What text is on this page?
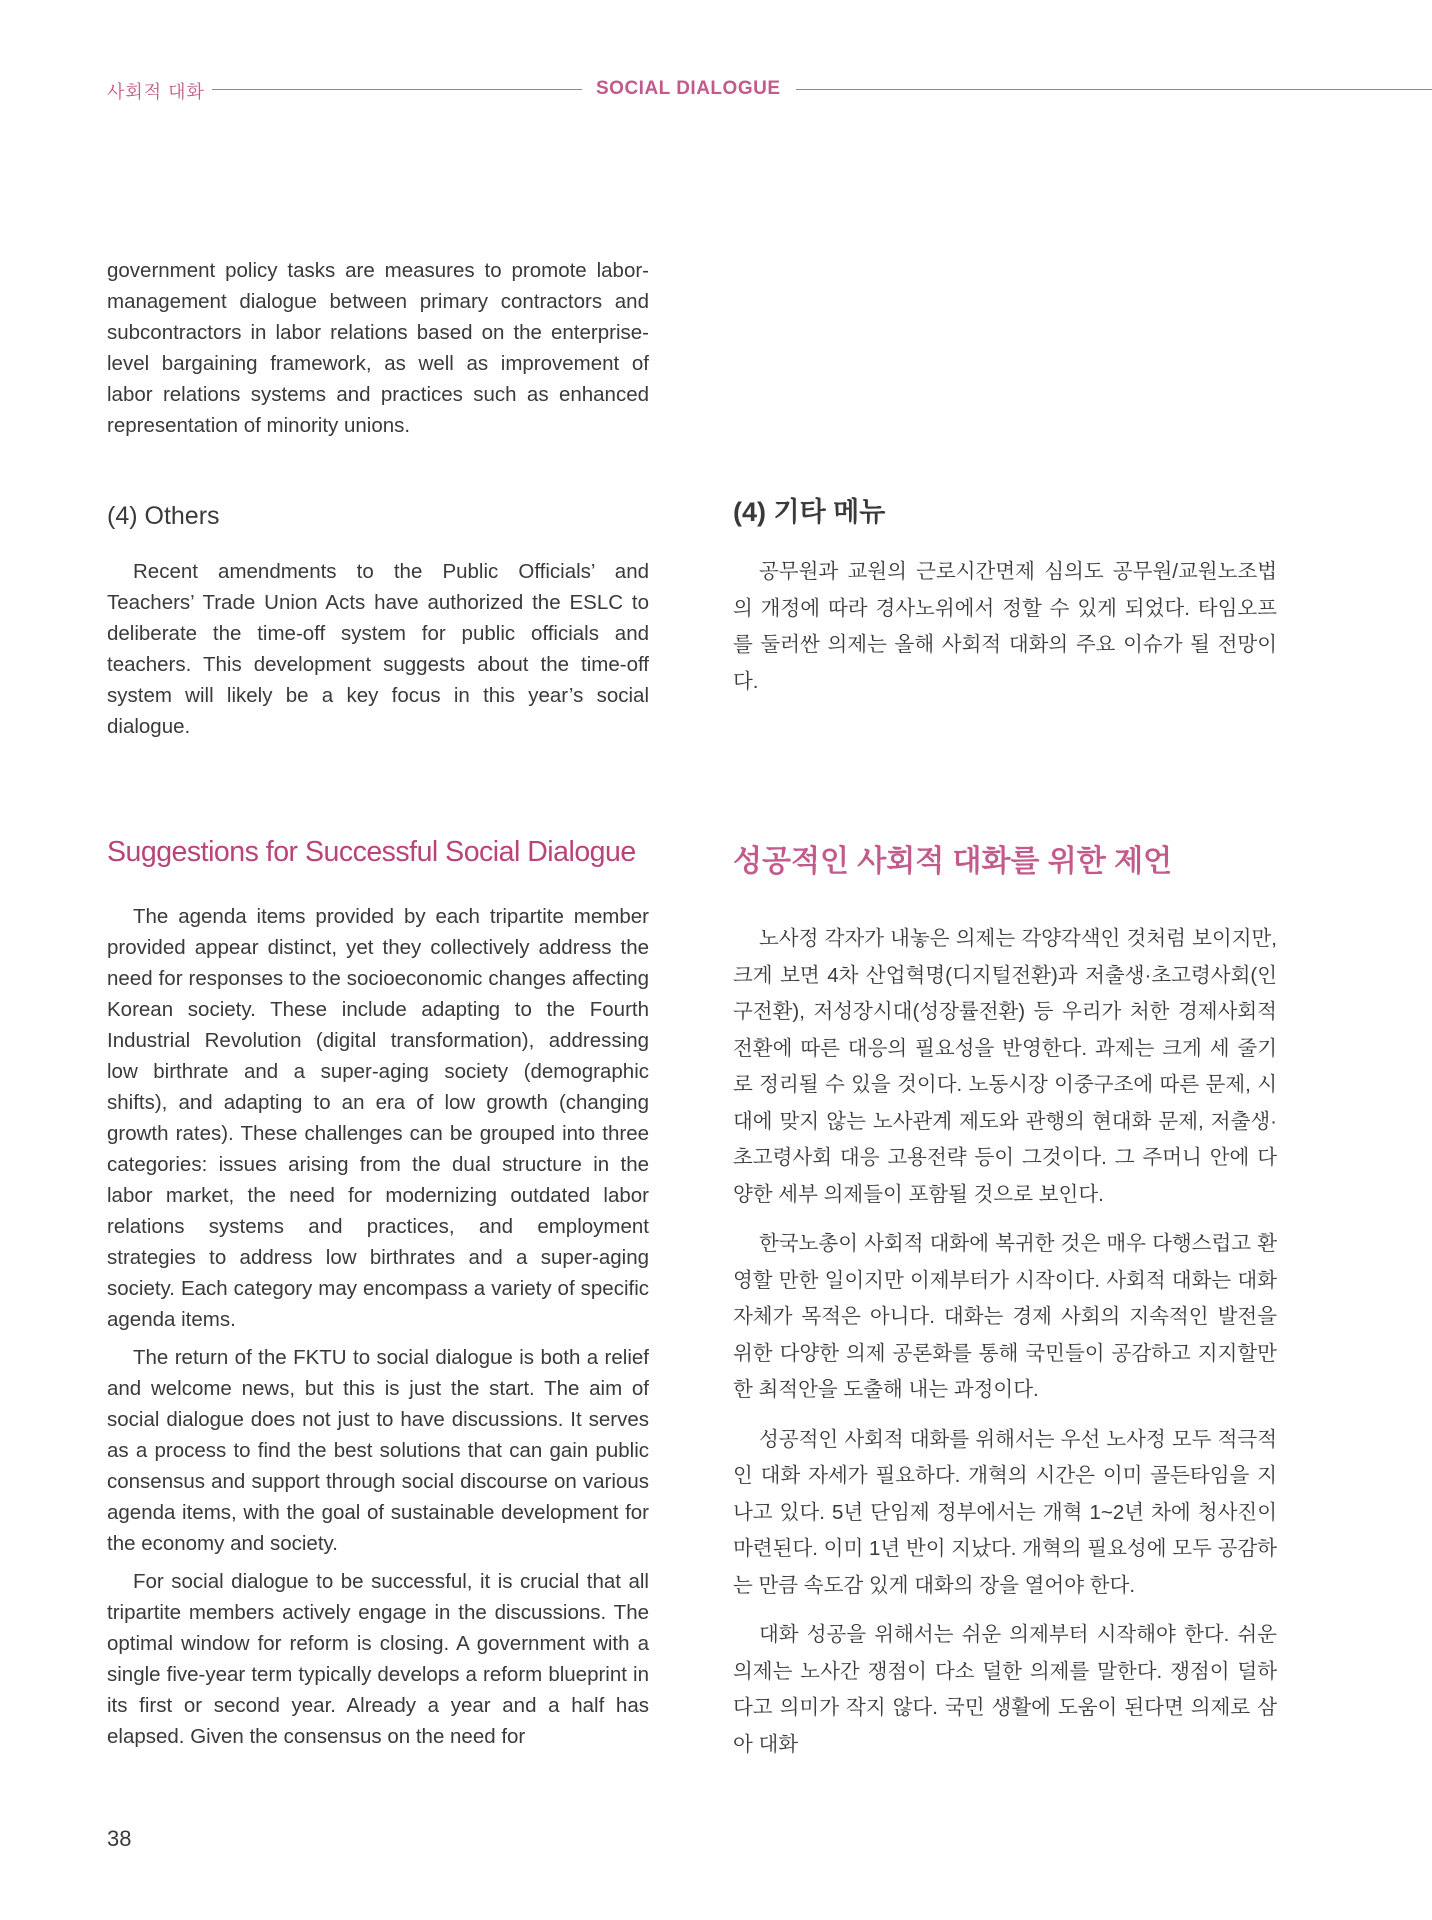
사회적 대화	SOCIAL DIALOGUE

government policy tasks are measures to promote labor-management dialogue between primary contractors and subcontractors in labor relations based on the enterprise-level bargaining framework, as well as improvement of labor relations systems and practices such as enhanced representation of minority unions.

(4) Others

Recent amendments to the Public Officials’ and Teachers’ Trade Union Acts have authorized the ESLC to deliberate the time-off system for public officials and teachers. This development suggests about the time-off system will likely be a key focus in this year’s social dialogue.

(4) 기타 메뉴

공무원과 교원의 근로시간면제 심의도 공무원/교원노조법의 개정에 따라 경사노위에서 정할 수 있게 되었다. 타임오프를 둘러싼 의제는 올해 사회적 대화의 주요 이슈가 될 전망이다.

Suggestions for Successful Social Dialogue

The agenda items provided by each tripartite member provided appear distinct, yet they collectively address the need for responses to the socioeconomic changes affecting Korean society. These include adapting to the Fourth Industrial Revolution (digital transformation), addressing low birthrate and a super-aging society (demographic shifts), and adapting to an era of low growth (changing growth rates). These challenges can be grouped into three categories: issues arising from the dual structure in the labor market, the need for modernizing outdated labor relations systems and practices, and employment strategies to address low birthrates and a super-aging society. Each category may encompass a variety of specific agenda items.

The return of the FKTU to social dialogue is both a relief and welcome news, but this is just the start. The aim of social dialogue does not just to have discussions. It serves as a process to find the best solutions that can gain public consensus and support through social discourse on various agenda items, with the goal of sustainable development for the economy and society.

For social dialogue to be successful, it is crucial that all tripartite members actively engage in the discussions. The optimal window for reform is closing. A government with a single five-year term typically develops a reform blueprint in its first or second year. Already a year and a half has elapsed. Given the consensus on the need for

성공적인 사회적 대화를 위한 제언

노사정 각자가 내놓은 의제는 각양각색인 것처럼 보이지만, 크게 보면 4차 산업혁명(디지털전환)과 저출생·초고령사회(인구전환), 저성장시대(성장률전환) 등 우리가 처한 경제사회적 전환에 따른 대응의 필요성을 반영한다. 과제는 크게 세 줄기로 정리될 수 있을 것이다. 노동시장 이중구조에 따른 문제, 시대에 맞지 않는 노사관계 제도와 관행의 현대화 문제, 저출생·초고령사회 대응 고용전략 등이 그것이다. 그 주머니 안에 다양한 세부 의제들이 포함될 것으로 보인다.

한국노총이 사회적 대화에 복귀한 것은 매우 다행스럽고 환영할 만한 일이지만 이제부터가 시작이다. 사회적 대화는 대화 자체가 목적은 아니다. 대화는 경제 사회의 지속적인 발전을 위한 다양한 의제 공론화를 통해 국민들이 공감하고 지지할만한 최적안을 도출해 내는 과정이다.

성공적인 사회적 대화를 위해서는 우선 노사정 모두 적극적인 대화 자세가 필요하다. 개혁의 시간은 이미 골든타임을 지나고 있다. 5년 단임제 정부에서는 개혁 1~2년 차에 청사진이 마련된다. 이미 1년 반이 지났다. 개혁의 필요성에 모두 공감하는 만큼 속도감 있게 대화의 장을 열어야 한다.

대화 성공을 위해서는 쉬운 의제부터 시작해야 한다. 쉬운 의제는 노사간 쟁점이 다소 덜한 의제를 말한다. 쟁점이 덜하다고 의미가 작지 않다. 국민 생활에 도움이 된다면 의제로 삼아 대화

38
